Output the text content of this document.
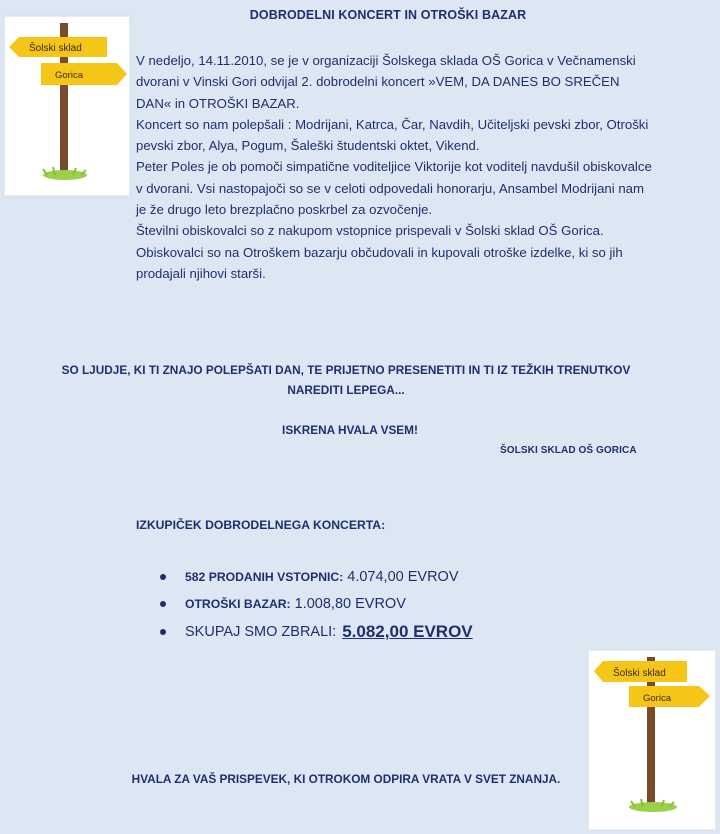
DOBRODELNI KONCERT IN OTROŠKI BAZAR
Šolski sklad
Gorica

V nedeljo, 14.11.2010, se je v organizaciji Šolskega sklada OŠ Gorica v Večnamenski dvorani v Vinski Gori odvijal 2. dobrodelni koncert »VEM, DA DANES BO SREČEN DAN« in OTROŠKI BAZAR.

Koncert so nam polepšali : Modrijani, Katrca, Čar, Navdih, Učiteljski pevski zbor, Otroški pevski zbor, Alya, Pogum, Šaleški študentski oktet, Vikend.

Peter Poles je ob pomoči simpatične voditeljice Viktorije kot voditelj navdušil obiskovalce v dvorani. Vsi nastopajoči so se v celoti odpovedali honorarju, Ansambel Modrijani nam je že drugo leto brezplačno poskrbel za ozvočenje.

Številni obiskovalci so z nakupom vstopnice prispevali v Šolski sklad OŠ Gorica.

Obiskovalci so na Otroškem bazarju občudovali in kupovali otroške izdelke, ki so jih prodajali njihovi starši.

SO LJUDJE, KI TI ZNAJO POLEPŠATI DAN, TE PRIJETNO PRESENETITI IN TI IZ TEŽKIH TRENUTKOV
NAREDITI LEPEGA...
ISKRENA HVALA VSEM!
ŠOLSKI SKLAD OŠ GORICA
IZKUPIČEK DOBRODELNEGA KONCERTA:
582 PRODANIH VSTOPNIC: 4.074,00 EVROV
OTROŠKI BAZAR: 1.008,80 EVROV
SKUPAJ SMO ZBRALI: 5.082,00 EVROV
Šolski sklad
Gorica
HVALA ZA VAŠ PRISPEVEK, KI OTROKOM ODPIRA VRATA V SVET ZNANJA.
